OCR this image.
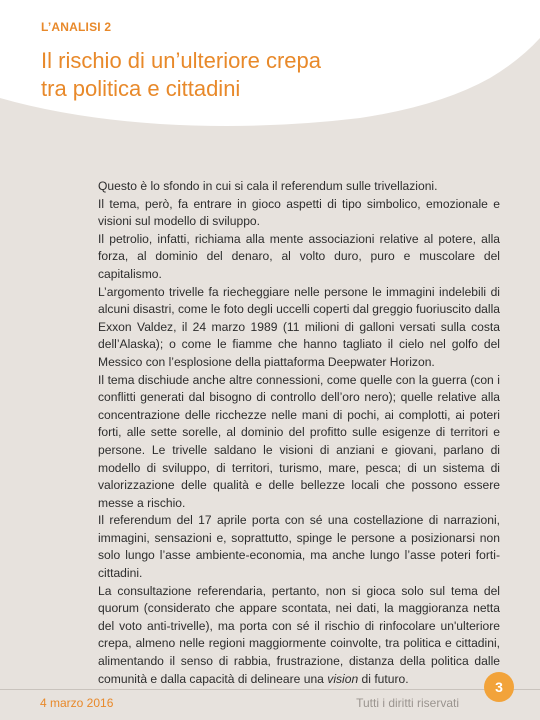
L’ANALISI 2
Il rischio di un’ulteriore crepa
tra politica e cittadini

Questo è lo sfondo in cui si cala il referendum sulle trivellazioni.

Il tema, però, fa entrare in gioco aspetti di tipo simbolico, emozionale e visioni sul modello di sviluppo.

Il petrolio, infatti, richiama alla mente associazioni relative al potere, alla forza, al dominio del denaro, al volto duro, puro e muscolare del capitalismo.

L’argomento trivelle fa riecheggiare nelle persone le immagini indelebili di alcuni disastri, come le foto degli uccelli coperti dal greggio fuoriuscito dalla Exxon Valdez, il 24 marzo 1989 (11 milioni di galloni versati sulla costa dell’Alaska); o come le fiamme che hanno tagliato il cielo nel golfo del Messico con l’esplosione della piattaforma Deepwater Horizon.

Il tema dischiude anche altre connessioni, come quelle con la guerra (con i conflitti generati dal bisogno di controllo dell’oro nero); quelle relative alla concentrazione delle ricchezze nelle mani di pochi, ai complotti, ai poteri forti, alle sette sorelle, al dominio del profitto sulle esigenze di territori e persone. Le trivelle saldano le visioni di anziani e giovani, parlano di modello di sviluppo, di territori, turismo, mare, pesca; di un sistema di valorizzazione delle qualità e delle bellezze locali che possono essere messe a rischio.

Il referendum del 17 aprile porta con sé una costellazione di narrazioni, immagini, sensazioni e, soprattutto, spinge le persone a posizionarsi non solo lungo l’asse ambiente-economia, ma anche lungo l’asse poteri forti-cittadini.

La consultazione referendaria, pertanto, non si gioca solo sul tema del quorum (considerato che appare scontata, nei dati, la maggioranza netta del voto anti-trivelle), ma porta con sé il rischio di rinfocolare un'ulteriore crepa, almeno nelle regioni maggiormente coinvolte, tra politica e cittadini, alimentando il senso di rabbia, frustrazione, distanza della politica dalle comunità e dalla capacità di delineare una vision di futuro.

4 marzo 2016	Tutti i diritti riservati
3
